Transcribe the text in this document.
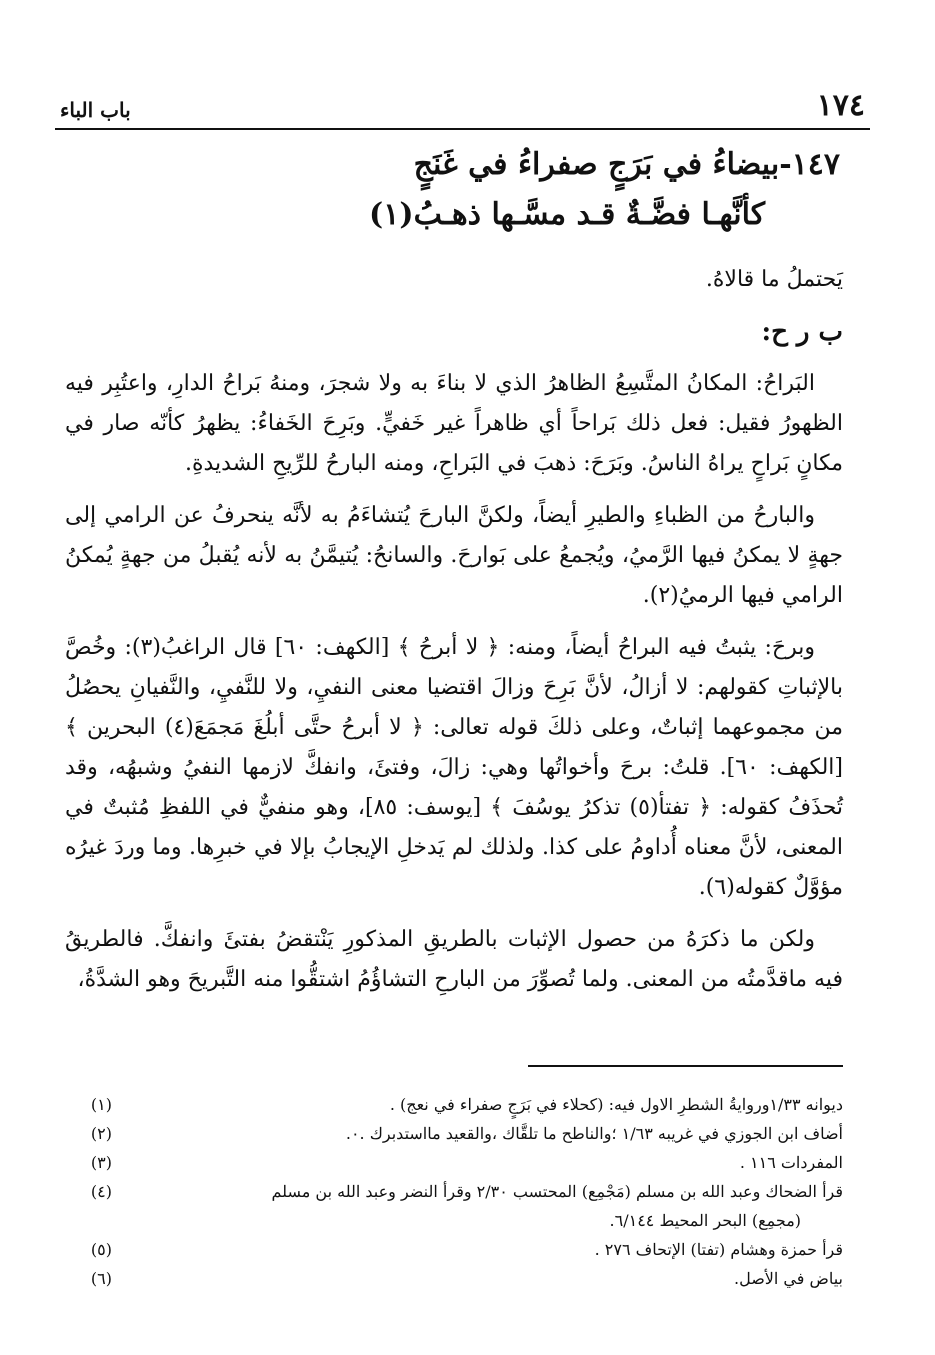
١٧٤
باب الباء
١٤٧-بيضاءُ في بَرَجٍ صفراءُ في غَنَجٍ
كأنَّهـا فضَّـةٌ قـد مسَّـها ذهـبُ(١)

يَحتملُ ما قالاهُ.

ب ر ح:

البَراحُ: المكانُ المتَّسِعُ الظاهرُ الذي لا بناءَ به ولا شجرَ، ومنهُ بَراحُ الدارِ، واعتُبِر فيه الظهورُ فقيل: فعل ذلك بَراحاً أي ظاهراً غير خَفيٍّ. وبَرِحَ الخَفاءُ: يظهرُ كأنّه صار في مكانٍ بَراحٍ يراهُ الناسُ. وبَرَحَ: ذهبَ في البَراحِ، ومنه البارحُ للرِّيحِ الشديدةِ.

والبارحُ من الظباءِ والطيرِ أيضاً، ولكنَّ البارحَ يُتشاءَمُ به لأنَّه ينحرفُ عن الرامي إلى جهةٍ لا يمكنُ فيها الرَّميُ، ويُجمعُ على بَوارحَ. والسانحُ: يُتيمَّنُ به لأنه يُقبلُ من جهةٍ يُمكنُ الرامي فيها الرميُ(٢).

وبرحَ: يثبتُ فيه البراحُ أيضاً، ومنه: ﴿ لا أبرحُ ﴾ [الكهف: ٦٠] قال الراغبُ(٣): وخُصَّ بالإثباتِ كقولهم: لا أزالُ، لأنَّ بَرِحَ وزالَ اقتضيا معنى النفيِ، ولا للنَّفيِ، والنَّفيانِ يحصُلُ من مجموعهما إثباتٌ، وعلى ذلكَ قوله تعالى: ﴿ لا أبرحُ حتَّى أبلُغَ مَجمَعَ(٤) البحرين ﴾ [الكهف: ٦٠]. قلتُ: برحَ وأخواتُها وهي: زالَ، وفتئَ، وانفكَّ لازمها النفيُ وشبهُه، وقد تُحذَفُ كقوله: ﴿ تفتأ(٥) تذكرُ يوسُفَ ﴾ [يوسف: ٨٥]، وهو منفيٌّ في اللفظِ مُثبتٌ في المعنى، لأنَّ معناه أُداومُ على كذا. ولذلك لم يَدخلِ الإيجابُ بإلا في خبرِها. وما وردَ غيرُه مؤوَّلٌ كقوله(٦).

ولكن ما ذكرَهُ من حصول الإثبات بالطريقِ المذكورِ يَنْتقضُ بفتئَ وانفكَّ. فالطريقُ فيه ماقدَّمتُه من المعنى. ولما تُصوِّرَ من البارحِ التشاؤُمُ اشتقُّوا منه التَّبريحَ وهو الشدَّةُ،

(١)	ديوانه ١/٣٣وروايةُ الشطرِ الاول فيه: (كحلاء في بَرَجٍ صفراء في نعج) .
(٢)	أضاف ابن الجوزي في غريبه ١/٦٣ ؛والناطح ما تلقَّاك ،والقعيد مااستدبرك .٠.
(٣)	المفردات ١١٦ .
(٤)	قرأ الضحاك وعبد الله بن مسلم (مَجْمِع) المحتسب ٢/٣٠ وقرأ النضر وعبد الله بن مسلم
(مجمِع) البحر المحيط ٦/١٤٤.
(٥)	قرأ حمزة وهشام (تفتا) الإتحاف ٢٧٦ .
(٦)	بياض في الأصل.
